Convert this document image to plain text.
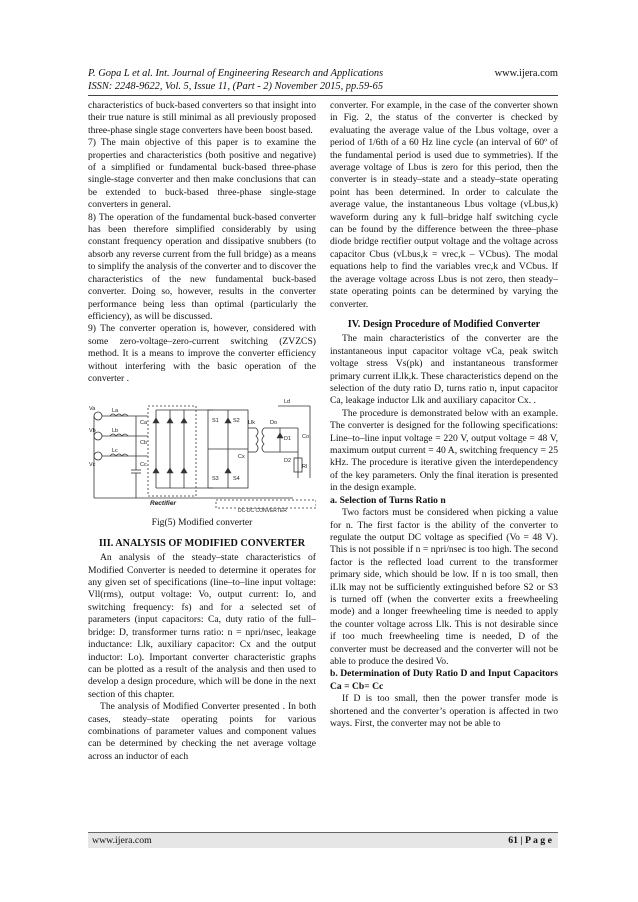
P. Gopa L et al. Int. Journal of Engineering Research and Applications
ISSN: 2248-9622, Vol. 5, Issue 11, (Part - 2) November 2015, pp.59-65
www.ijera.com

characteristics of buck-based converters so that insight into their true nature is still minimal as all previously proposed three-phase single stage converters have been boost based.

7) The main objective of this paper is to examine the properties and characteristics (both positive and negative) of a simplified or fundamental buck-based three-phase single-stage converter and then make conclusions that can be extended to buck-based three-phase single-stage converters in general.

8) The operation of the fundamental buck-based converter has been therefore simplified considerably by using constant frequency operation and dissipative snubbers (to absorb any reverse current from the full bridge) as a means to simplify the analysis of the converter and to discover the characteristics of the new fundamental buck-based converter. Doing so, however, results in the converter performance being less than optimal (particularly the efficiency), as will be discussed.

9) The converter operation is, however, considered with some zero-voltage–zero-current switching (ZVZCS) method. It is a means to improve the converter efficiency without interfering with the basic operation of the converter .

Va
Vb
Vc
Ca
Cb
Cc
S1	S2
S3	S4
Llk
Ld
Do
D1
D2
Co
Rl
Cx
La
Lb
Lc
Rectifier
DC-DC CONVERTER
Fig(5) Modified converter
III. ANALYSIS OF MODIFIED CONVERTER

An analysis of the steady–state characteristics of Modified Converter is needed to determine it operates for any given set of specifications (line–to–line input voltage: Vll(rms), output voltage: Vo, output current: Io, and switching frequency: fs) and for a selected set of parameters (input capacitors: Ca, duty ratio of the full–bridge: D, transformer turns ratio: n = npri/nsec, leakage inductance: Llk, auxiliary capacitor: Cx and the output inductor: Lo). Important converter characteristic graphs can be plotted as a result of the analysis and then used to develop a design procedure, which will be done in the next section of this chapter.

The analysis of Modified Converter presented . In both cases, steady–state operating points for various combinations of parameter values and component values can be determined by checking the net average voltage across an inductor of each

converter. For example, in the case of the converter shown in Fig. 2, the status of the converter is checked by evaluating the average value of the Lbus voltage, over a period of 1/6th of a 60 Hz line cycle (an interval of 60º of the fundamental period is used due to symmetries). If the average voltage of Lbus is zero for this period, then the converter is in steady–state and a steady–state operating point has been determined. In order to calculate the average value, the instantaneous Lbus voltage (vLbus,k) waveform during any k full–bridge half switching cycle can be found by the difference between the three–phase diode bridge rectifier output voltage and the voltage across capacitor Cbus (vLbus,k = vrec,k – VCbus). The modal equations help to find the variables vrec,k and VCbus. If the average voltage across Lbus is not zero, then steady–state operating points can be determined by varying the converter.

IV. Design Procedure of Modified Converter

The main characteristics of the converter are the instantaneous input capacitor voltage vCa, peak switch voltage stress Vs(pk) and instantaneous transformer primary current iLlk,k. These characteristics depend on the selection of the duty ratio D, turns ratio n, input capacitor Ca, leakage inductor Llk and auxiliary capacitor Cx. .

The procedure is demonstrated below with an example. The converter is designed for the following specifications: Line–to–line input voltage = 220 V, output voltage = 48 V, maximum output current = 40 A, switching frequency = 25 kHz. The procedure is iterative given the interdependency of the key parameters. Only the final iteration is presented in the design example.

a. Selection of Turns Ratio n

Two factors must be considered when picking a value for n. The first factor is the ability of the converter to regulate the output DC voltage as specified (Vo = 48 V). This is not possible if n = npri/nsec is too high. The second factor is the reflected load current to the transformer primary side, which should be low. If n is too small, then iLlk may not be sufficiently extinguished before S2 or S3 is turned off (when the converter exits a freewheeling mode) and a longer freewheeling time is needed to apply the counter voltage across Llk. This is not desirable since if too much freewheeling time is needed, D of the converter must be decreased and the converter will not be able to produce the desired Vo.

b. Determination of Duty Ratio D and Input Capacitors Ca = Cb= Cc

If D is too small, then the power transfer mode is shortened and the converter’s operation is affected in two ways. First, the converter may not be able to

www.ijera.com	61 | P a g e
